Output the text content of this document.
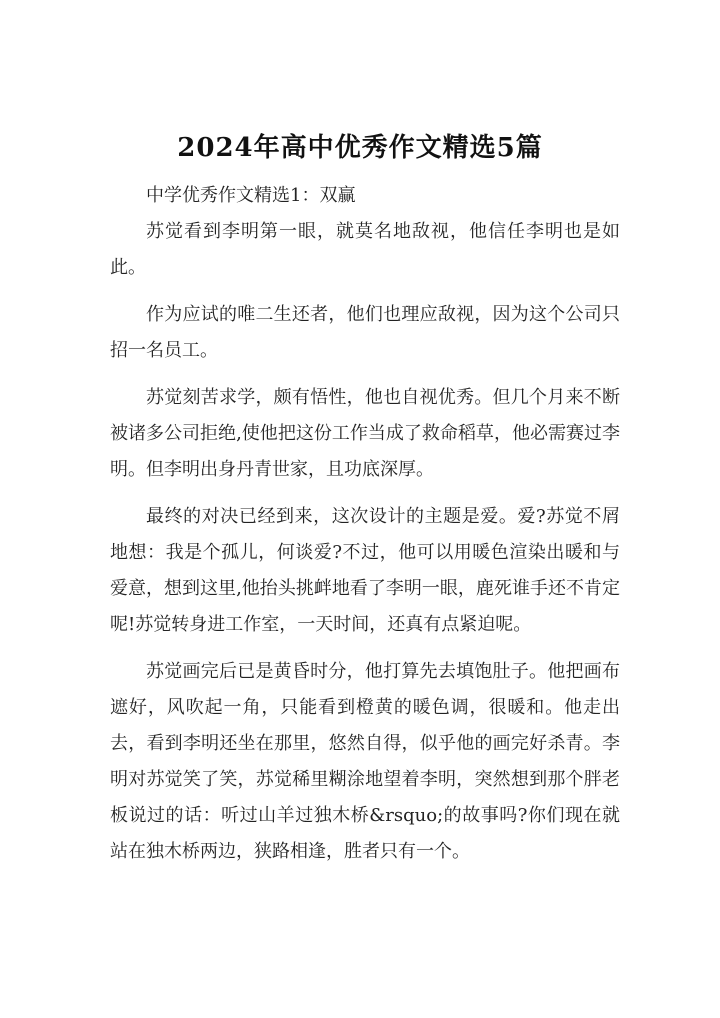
2024年高中优秀作文精选5篇

中学优秀作文精选1：双赢

苏觉看到李明第一眼，就莫名地敌视，他信任李明也是如此。

作为应试的唯二生还者，他们也理应敌视，因为这个公司只招一名员工。

苏觉刻苦求学，颇有悟性，他也自视优秀。但几个月来不断被诸多公司拒绝,使他把这份工作当成了救命稻草，他必需赛过李明。但李明出身丹青世家，且功底深厚。

最终的对决已经到来，这次设计的主题是爱。爱?苏觉不屑地想：我是个孤儿，何谈爱?不过，他可以用暖色渲染出暖和与爱意，想到这里,他抬头挑衅地看了李明一眼，鹿死谁手还不肯定呢!苏觉转身进工作室，一天时间，还真有点紧迫呢。

苏觉画完后已是黄昏时分，他打算先去填饱肚子。他把画布遮好，风吹起一角，只能看到橙黄的暖色调，很暖和。他走出去，看到李明还坐在那里，悠然自得，似乎他的画完好杀青。李明对苏觉笑了笑，苏觉稀里糊涂地望着李明，突然想到那个胖老板说过的话：听过山羊过独木桥&rsquo;的故事吗?你们现在就站在独木桥两边，狭路相逢，胜者只有一个。
